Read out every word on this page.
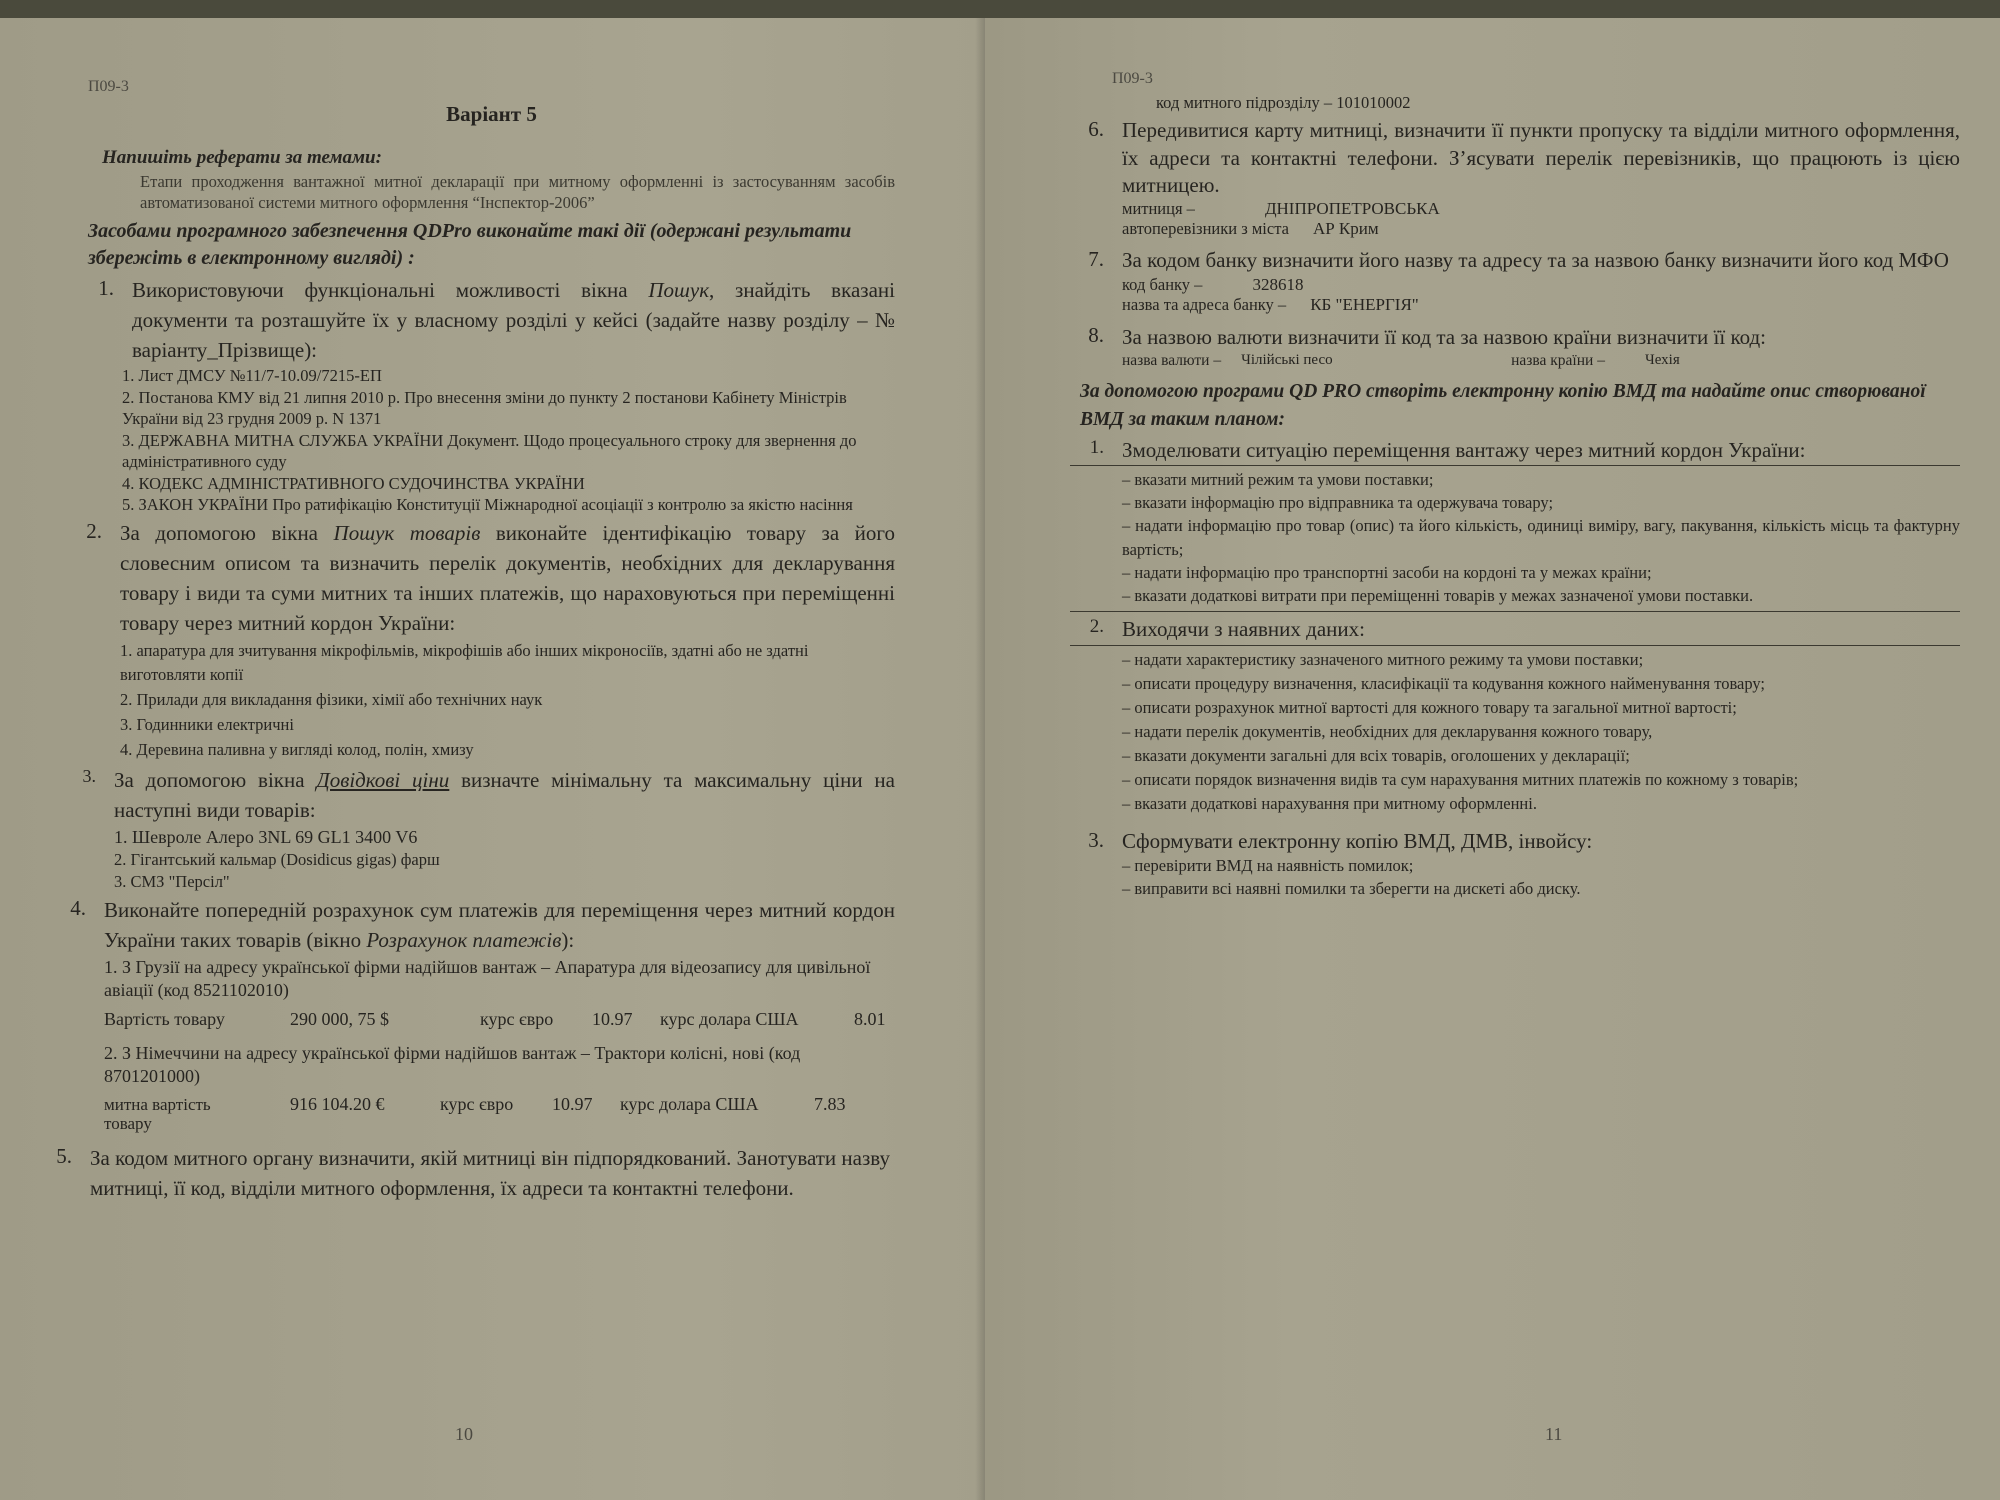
П09-3
Варіант 5
Напишіть реферати за темами:
Етапи проходження вантажної митної декларації при митному оформленні із застосуванням засобів автоматизованої системи митного оформлення “Інспектор-2006”
Засобами програмного забезпечення QDPro виконайте такі дії (одержані результати збережіть в електронному вигляді) :
1. Використовуючи функціональні можливості вікна Пошук, знайдіть вказані документи та розташуйте їх у власному розділі у кейсі (задайте назву розділу – № варіанту_Прізвище):
1. Лист ДМСУ №11/7-10.09/7215-ЕП
2. Постанова КМУ від 21 липня 2010 р. Про внесення зміни до пункту 2 постанови Кабінету Міністрів України від 23 грудня 2009 р. N 1371
3. ДЕРЖАВНА МИТНА СЛУЖБА УКРАЇНИ Документ. Щодо процесуального строку для звернення до адміністративного суду
4. КОДЕКС АДМІНІСТРАТИВНОГО СУДОЧИНСТВА УКРАЇНИ
5. ЗАКОН УКРАЇНИ Про ратифікацію Конституції Міжнародної асоціації з контролю за якістю насіння
2. За допомогою вікна Пошук товарів виконайте ідентифікацію товару за його словесним описом та визначить перелік документів, необхідних для декларування товару і види та суми митних та інших платежів, що нараховуються при переміщенні товару через митний кордон України:
1. апаратура для зчитування мікрофільмів, мікрофішів або інших мікроносіїв, здатні або не здатні виготовляти копії
2. Прилади для викладання фізики, хімії або технічних наук
3. Годинники електричні
4. Деревина паливна у вигляді колод, полін, хмизу
3. За допомогою вікна Довідкові ціни визначте мінімальну та максимальну ціни на наступні види товарів:
1. Шевроле Алеро 3NL 69 GL1 3400 V6
2. Гігантський кальмар (Dosidicus gigas) фарш
3. СМЗ "Персіл"
4. Виконайте попередній розрахунок сум платежів для переміщення через митний кордон України таких товарів (вікно Розрахунок платежів):
1. З Грузії на адресу української фірми надійшов вантаж – Апаратура для відеозапису для цивільної авіації (код 8521102010)
Вартість товару	290 000, 75 $	курс євро	10.97	курс долара США	8.01
2. З Німеччини на адресу української фірми надійшов вантаж – Трактори колісні, нові (код 8701201000)
митна вартість товару
916 104.20 €	курс євро	10.97	курс долара США	7.83
5. За кодом митного органу визначити, якій митниці він підпорядкований. Занотувати назву митниці, її код, відділи митного оформлення, їх адреси та контактні телефони.
10
П09-3
код митного підрозділу – 101010002
6. Передивитися карту митниці, визначити її пункти пропуску та відділи митного оформлення, їх адреси та контактні телефони. З’ясувати перелік перевізників, що працюють із цією митницею.
митниця –	ДНІПРОПЕТРОВСЬКА
автоперевізники з міста АР Крим
7. За кодом банку визначити його назву та адресу та за назвою банку визначити його код МФО
код банку –	328618
назва та адреса банку – КБ "ЕНЕРГІЯ"
8. За назвою валюти визначити її код та за назвою країни визначити її код:
назва валюти – Чілійські песо	назва країни –	Чехія
За допомогою програми QD PRO створіть електронну копію ВМД та надайте опис створюваної ВМД за таким планом:
1. Змоделювати ситуацію переміщення вантажу через митний кордон України:
– вказати митний режим та умови поставки;
– вказати інформацію про відправника та одержувача товару;
– надати інформацію про товар (опис) та його кількість, одиниці виміру, вагу, пакування, кількість місць та фактурну вартість;
– надати інформацію про транспортні засоби на кордоні та у межах країни;
– вказати додаткові витрати при переміщенні товарів у межах зазначеної умови поставки.
2. Виходячи з наявних даних:
– надати характеристику зазначеного митного режиму та умови поставки;
– описати процедуру визначення, класифікації та кодування кожного найменування товару;
– описати розрахунок митної вартості для кожного товару та загальної митної вартості;
– надати перелік документів, необхідних для декларування кожного товару,
– вказати документи загальні для всіх товарів, оголошених у декларації;
– описати порядок визначення видів та сум нарахування митних платежів по кожному з товарів;
– вказати додаткові нарахування при митному оформленні.
3. Сформувати електронну копію ВМД, ДМВ, інвойсу:
– перевірити ВМД на наявність помилок;
– виправити всі наявні помилки та зберегти на дискеті або диску.
11
